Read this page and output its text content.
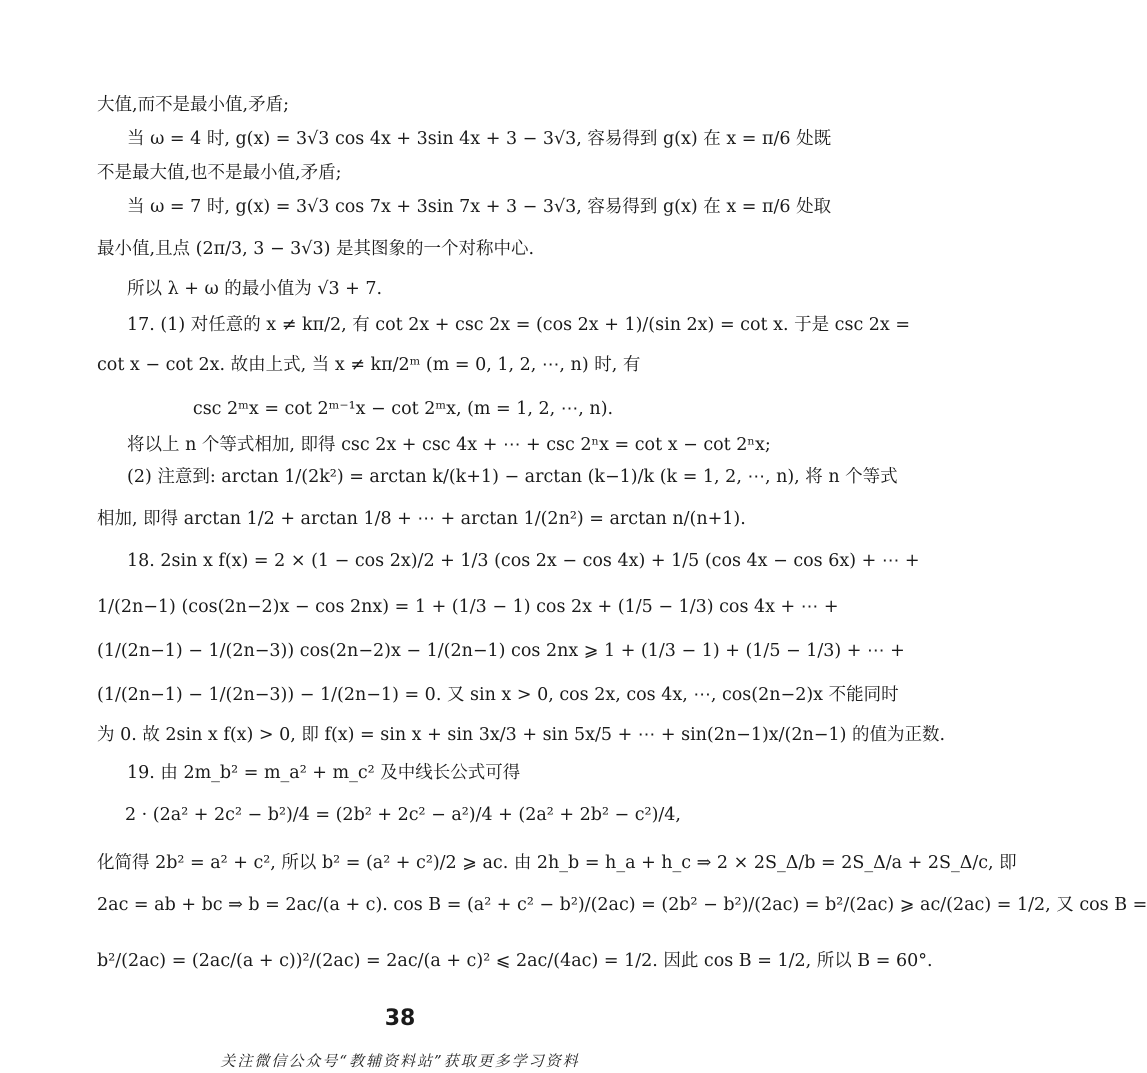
大值,而不是最小值,矛盾;
当 ω = 4 时, g(x) = 3√3 cos 4x + 3sin 4x + 3 − 3√3, 容易得到 g(x) 在 x = π/6 处既
不是最大值,也不是最小值,矛盾;
当 ω = 7 时, g(x) = 3√3 cos 7x + 3sin 7x + 3 − 3√3, 容易得到 g(x) 在 x = π/6 处取
最小值,且点 (2π/3, 3 − 3√3) 是其图象的一个对称中心.
所以 λ + ω 的最小值为 √3 + 7.
17. (1) 对任意的 x ≠ kπ/2, 有 cot 2x + csc 2x = (cos 2x + 1)/(sin 2x) = cot x. 于是 csc 2x =
cot x − cot 2x. 故由上式, 当 x ≠ kπ/2ᵐ (m = 0, 1, 2, ⋯, n) 时, 有
csc 2ᵐx = cot 2ᵐ⁻¹x − cot 2ᵐx, (m = 1, 2, ⋯, n).
将以上 n 个等式相加, 即得 csc 2x + csc 4x + ⋯ + csc 2ⁿx = cot x − cot 2ⁿx;
(2) 注意到: arctan 1/(2k²) = arctan k/(k+1) − arctan (k−1)/k (k = 1, 2, ⋯, n), 将 n 个等式
相加, 即得 arctan 1/2 + arctan 1/8 + ⋯ + arctan 1/(2n²) = arctan n/(n+1).
18. 2sin x f(x) = 2 × (1 − cos 2x)/2 + 1/3 (cos 2x − cos 4x) + 1/5 (cos 4x − cos 6x) + ⋯ +
1/(2n−1) (cos(2n−2)x − cos 2nx) = 1 + (1/3 − 1) cos 2x + (1/5 − 1/3) cos 4x + ⋯ +
(1/(2n−1) − 1/(2n−3)) cos(2n−2)x − 1/(2n−1) cos 2nx ⩾ 1 + (1/3 − 1) + (1/5 − 1/3) + ⋯ +
(1/(2n−1) − 1/(2n−3)) − 1/(2n−1) = 0. 又 sin x > 0, cos 2x, cos 4x, ⋯, cos(2n−2)x 不能同时
为 0. 故 2sin x f(x) > 0, 即 f(x) = sin x + sin 3x/3 + sin 5x/5 + ⋯ + sin(2n−1)x/(2n−1) 的值为正数.
19. 由 2m_b² = m_a² + m_c² 及中线长公式可得
2 · (2a² + 2c² − b²)/4 = (2b² + 2c² − a²)/4 + (2a² + 2b² − c²)/4,
化简得 2b² = a² + c², 所以 b² = (a² + c²)/2 ⩾ ac. 由 2h_b = h_a + h_c ⇒ 2 × 2S_Δ/b = 2S_Δ/a + 2S_Δ/c, 即
2ac = ab + bc ⇒ b = 2ac/(a + c). cos B = (a² + c² − b²)/(2ac) = (2b² − b²)/(2ac) = b²/(2ac) ⩾ ac/(2ac) = 1/2, 又 cos B =
b²/(2ac) = (2ac/(a + c))²/(2ac) = 2ac/(a + c)² ⩽ 2ac/(4ac) = 1/2. 因此 cos B = 1/2, 所以 B = 60°.
38
关注微信公众号“教辅资料站”获取更多学习资料
